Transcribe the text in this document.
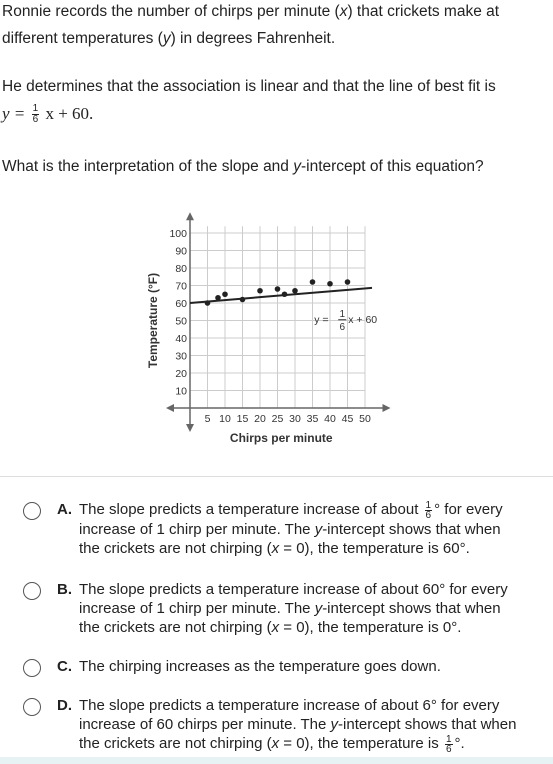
Ronnie records the number of chirps per minute (x) that crickets make at different temperatures (y) in degrees Fahrenheit.

He determines that the association is linear and that the line of best fit is
$y = \frac{1}{6}$ x + 60.

What is the interpretation of the slope and y-intercept of this equation?

5 10 15 20 25 30 35 40 45 50
10
20
30
40
50
60
70
80
90
100
Chirps per minute
Temperature (°F)	y = 1
6
x + 60
A. The slope predicts a temperature increase of about $\frac{1}{6}$ ° for every
increase of 1 chirp per minute. The y-intercept shows that when
the crickets are not chirping (x = 0), the temperature is 60°.
B. The slope predicts a temperature increase of about 60° for every
increase of 1 chirp per minute. The y-intercept shows that when
the crickets are not chirping (x = 0), the temperature is 0°.
C. The chirping increases as the temperature goes down.
D. The slope predicts a temperature increase of about 6° for every
increase of 60 chirps per minute. The y-intercept shows that when
the crickets are not chirping (x = 0), the temperature is $\frac{1}{6}$ °.
